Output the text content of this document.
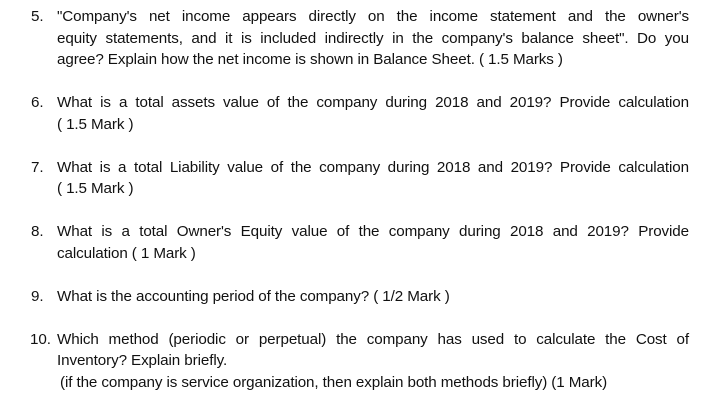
5. "Company's net income appears directly on the income statement and the owner's
equity statements, and it is included indirectly in the company's balance sheet". Do you
agree? Explain how the net income is shown in Balance Sheet. ( 1.5 Marks )
6. What is a total assets value of the company during 2018 and 2019? Provide calculation
( 1.5 Mark )
7. What is a total Liability value of the company during 2018 and 2019? Provide calculation
( 1.5 Mark )
8. What is a total Owner's Equity value of the company during 2018 and 2019? Provide
calculation ( 1 Mark )
9. What is the accounting period of the company? ( 1/2 Mark )
10. Which method (periodic or perpetual) the company has used to calculate the Cost of
Inventory? Explain briefly.
(if the company is service organization, then explain both methods briefly) (1 Mark)
